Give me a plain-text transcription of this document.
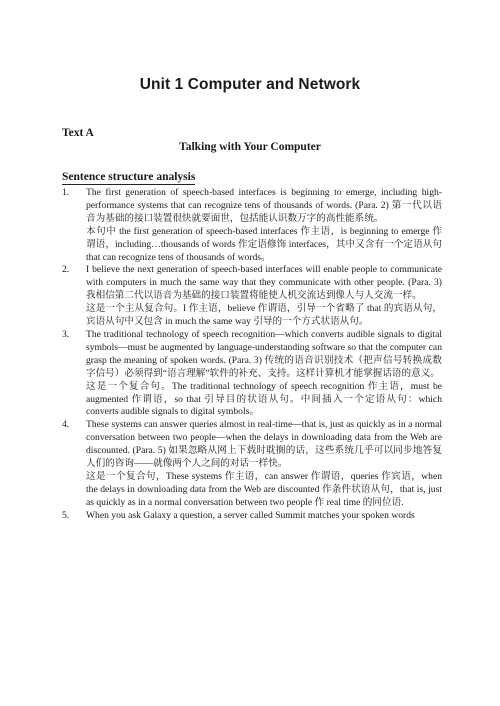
Unit 1 Computer and Network
Text A
Talking with Your Computer
Sentence structure analysis
1. The first generation of speech-based interfaces is beginning to emerge, including high-performance systems that can recognize tens of thousands of words. (Para. 2) 第一代以语音为基础的接口装置很快就要面世，包括能认识数万字的高性能系统。
本句中 the first generation of speech-based interfaces 作主语，is beginning to emerge 作谓语，including…thousands of words 作定语修饰 interfaces，其中又含有一个定语从句 that can recognize tens of thousands of words。
2. I believe the next generation of speech-based interfaces will enable people to communicate with computers in much the same way that they communicate with other people. (Para. 3) 我相信第二代以语音为基础的接口装置将能使人机交流达到像人与人交流一样。
这是一个主从复合句。I 作主语，believe 作谓语，引导一个省略了 that 的宾语从句，宾语从句中又包含 in much the same way 引导的一个方式状语从句。
3. The traditional technology of speech recognition—which converts audible signals to digital symbols—must be augmented by language-understanding software so that the computer can grasp the meaning of spoken words. (Para. 3) 传统的语音识别技术（把声信号转换成数字信号）必须得到“语言理解”软件的补充、支持。这样计算机才能掌握话语的意义。
这是一个复合句。The traditional technology of speech recognition 作主语，must be augmented 作谓语，so that 引导目的状语从句。中间插入一个定语从句：which converts audible signals to digital symbols。
4. These systems can answer queries almost in real-time—that is, just as quickly as in a normal conversation between two people—when the delays in downloading data from the Web are discounted. (Para. 5) 如果忽略从网上下载时耽搁的话，这些系统几乎可以同步地答复人们的咨询——就像两个人之间的对话一样快。
这是一个复合句，These systems 作主语，can answer 作谓语，queries 作宾语，when the delays in downloading data from the Web are discounted 作条件状语从句，that is, just as quickly as in a normal conversation between two people 作 real time 的同位语.
5. When you ask Galaxy a question, a server called Summit matches your spoken words
